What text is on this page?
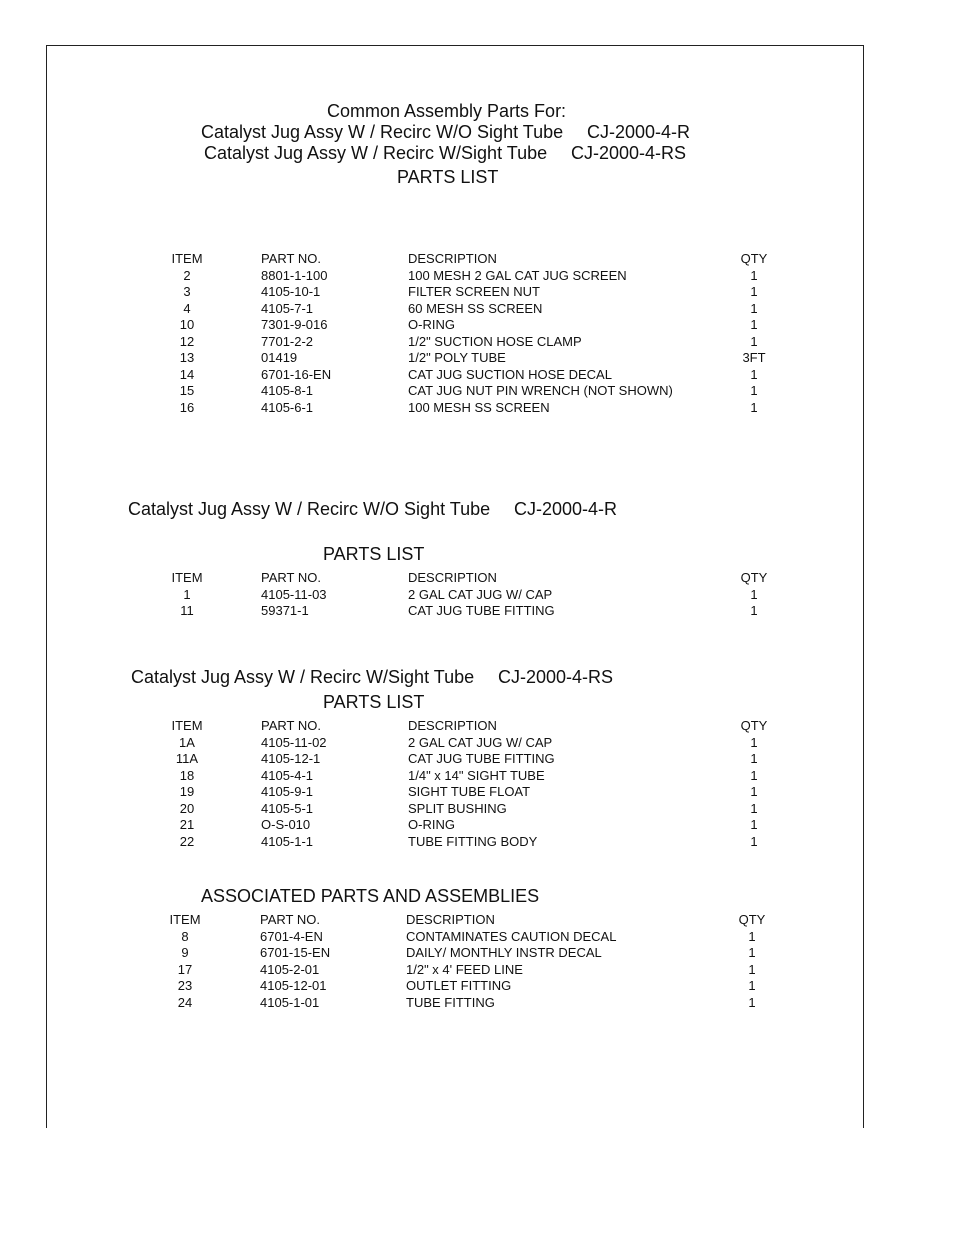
Common Assembly Parts For:
Catalyst Jug Assy W / Recirc W/O Sight Tube CJ-2000-4-R
Catalyst Jug Assy W / Recirc W/Sight Tube CJ-2000-4-RS
PARTS LIST
Catalyst Jug Assy W / Recirc W/O Sight Tube CJ-2000-4-R
PARTS LIST
Catalyst Jug Assy W / Recirc W/Sight Tube CJ-2000-4-RS
PARTS LIST
ASSOCIATED PARTS AND ASSEMBLIES
ITEM	PART NO.	DESCRIPTION	QTY
2	8801-1-100	100 MESH 2 GAL CAT JUG SCREEN	1
3	4105-10-1	FILTER SCREEN NUT	1
4	4105-7-1	60 MESH SS SCREEN	1
10	7301-9-016	O-RING	1
12	7701-2-2	1/2" SUCTION HOSE CLAMP	1
13	01419	1/2" POLY TUBE	3FT
14	6701-16-EN	CAT JUG SUCTION HOSE DECAL	1
15	4105-8-1	CAT JUG NUT PIN WRENCH (NOT SHOWN)	1
16	4105-6-1	100 MESH SS SCREEN	1
ITEM	PART NO.	DESCRIPTION	QTY
1	4105-11-03	2 GAL CAT JUG W/ CAP	1
11	59371-1	CAT JUG TUBE FITTING	1
ITEM	PART NO.	DESCRIPTION	QTY
1A	4105-11-02	2 GAL CAT JUG W/ CAP	1
11A	4105-12-1	CAT JUG TUBE FITTING	1
18	4105-4-1	1/4" x 14" SIGHT TUBE	1
19	4105-9-1	SIGHT TUBE FLOAT	1
20	4105-5-1	SPLIT BUSHING	1
21	O-S-010	O-RING	1
22	4105-1-1	TUBE FITTING BODY	1
ITEM	PART NO.	DESCRIPTION	QTY
8	6701-4-EN	CONTAMINATES CAUTION DECAL	1
9	6701-15-EN	DAILY/ MONTHLY INSTR DECAL	1
17	4105-2-01	1/2" x 4' FEED LINE	1
23	4105-12-01	OUTLET FITTING	1
24	4105-1-01	TUBE FITTING	1
